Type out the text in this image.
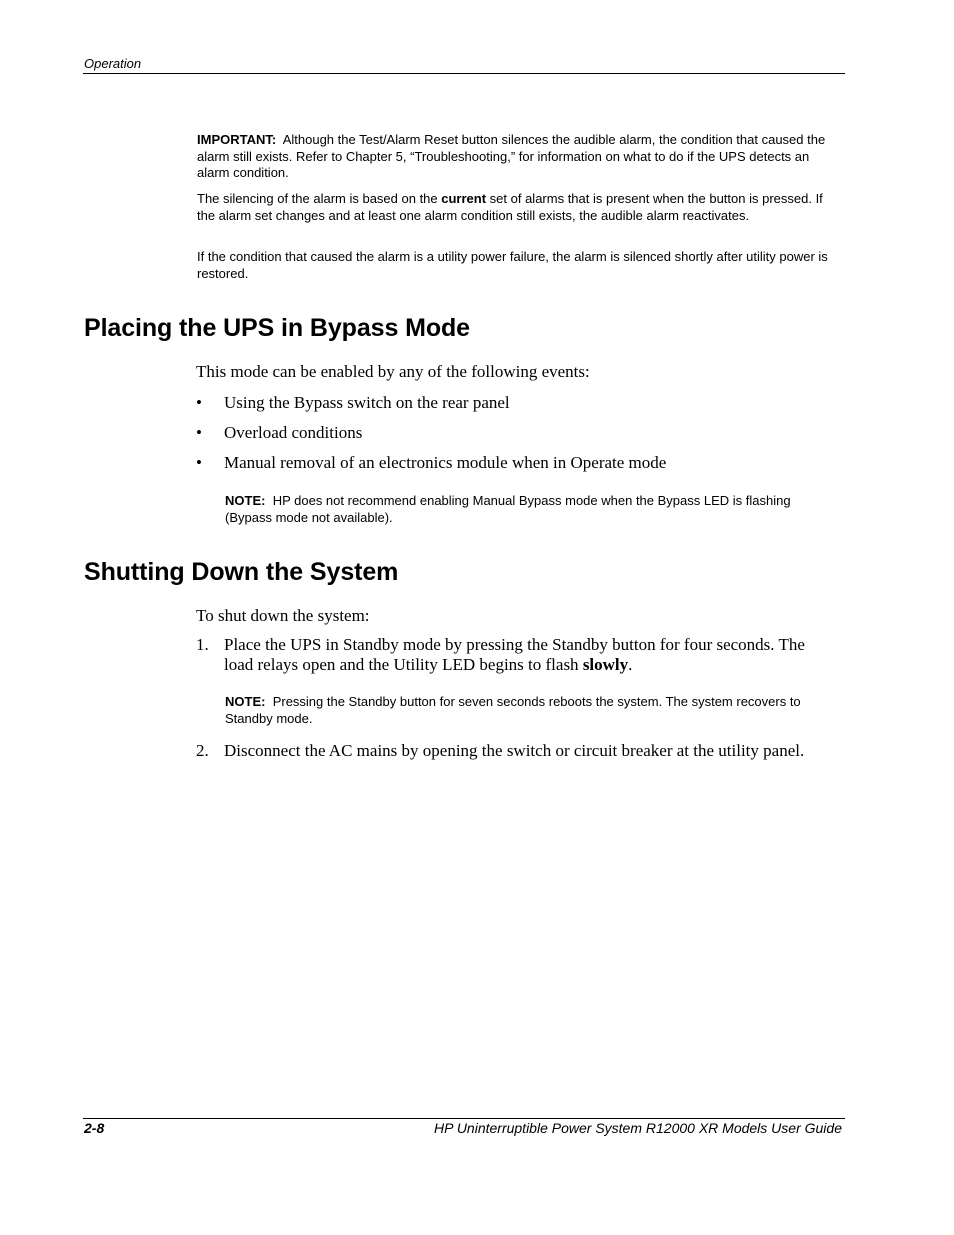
Operation
IMPORTANT: Although the Test/Alarm Reset button silences the audible alarm, the condition that caused the alarm still exists. Refer to Chapter 5, “Troubleshooting,” for information on what to do if the UPS detects an alarm condition.
The silencing of the alarm is based on the current set of alarms that is present when the button is pressed. If the alarm set changes and at least one alarm condition still exists, the audible alarm reactivates.
If the condition that caused the alarm is a utility power failure, the alarm is silenced shortly after utility power is restored.
Placing the UPS in Bypass Mode
This mode can be enabled by any of the following events:
•	Using the Bypass switch on the rear panel
•	Overload conditions
•	Manual removal of an electronics module when in Operate mode
NOTE: HP does not recommend enabling Manual Bypass mode when the Bypass LED is flashing (Bypass mode not available).
Shutting Down the System
To shut down the system:
1. Place the UPS in Standby mode by pressing the Standby button for four seconds. The load relays open and the Utility LED begins to flash slowly.
NOTE: Pressing the Standby button for seven seconds reboots the system. The system recovers to Standby mode.
2. Disconnect the AC mains by opening the switch or circuit breaker at the utility panel.
2-8	HP Uninterruptible Power System R12000 XR Models User Guide
